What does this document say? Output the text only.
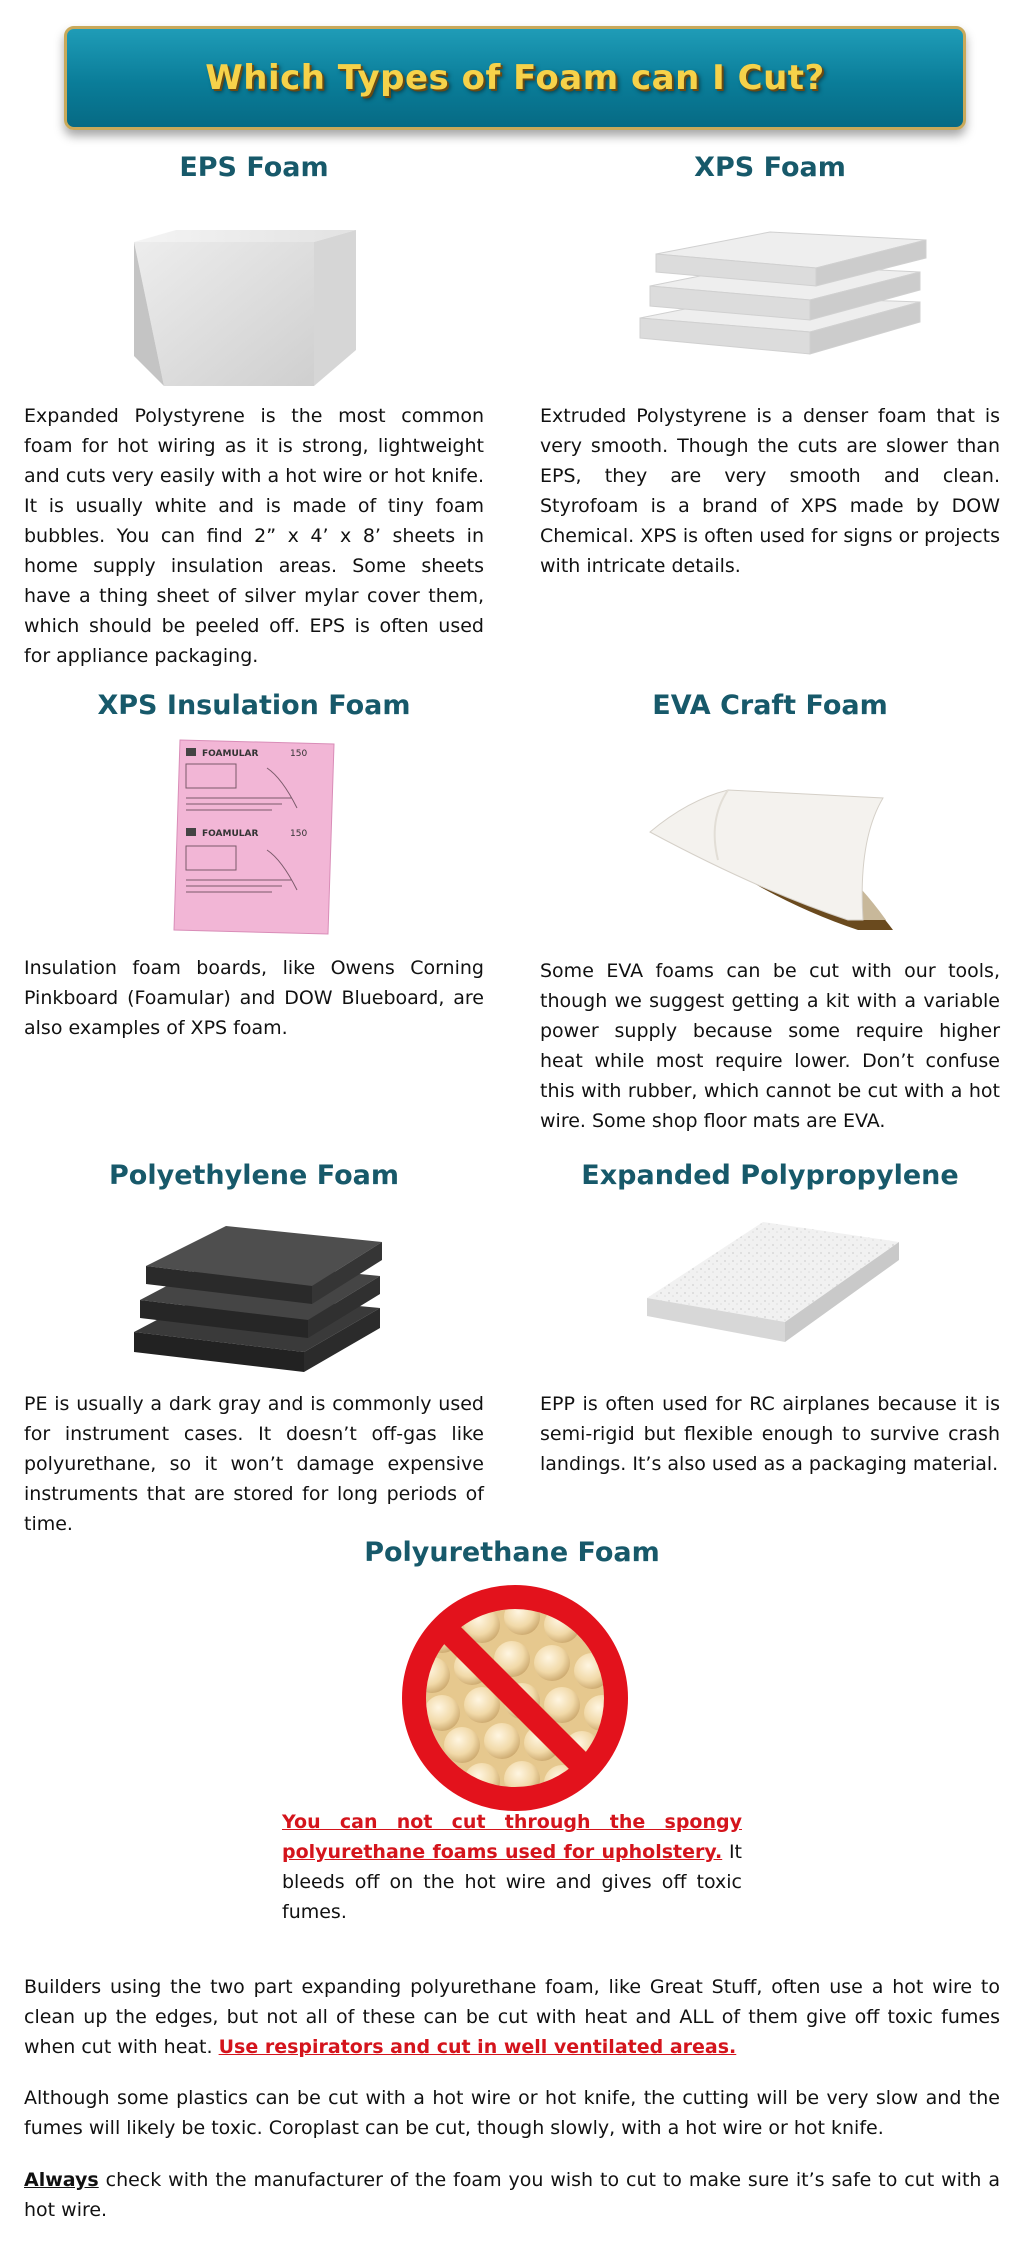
Which Types of Foam can I Cut?
EPS Foam

Expanded Polystyrene is the most common foam for hot wiring as it is strong, lightweight and cuts very easily with a hot wire or hot knife. It is usually white and is made of tiny foam bubbles. You can find 2” x 4’ x 8’ sheets in home supply insulation areas. Some sheets have a thing sheet of silver mylar cover them, which should be peeled off. EPS is often used for appliance packaging.

XPS Foam

Extruded Polystyrene is a denser foam that is very smooth. Though the cuts are slower than EPS, they are very smooth and clean. Styrofoam is a brand of XPS made by DOW Chemical. XPS is often used for signs or projects with intricate details.

XPS Insulation Foam
FOAMULAR	150
FOAMULAR	150

Insulation foam boards, like Owens Corning Pinkboard (Foamular) and DOW Blueboard, are also examples of XPS foam.

EVA Craft Foam

Some EVA foams can be cut with our tools, though we suggest getting a kit with a variable power supply because some require higher heat while most require lower. Don’t confuse this with rubber, which cannot be cut with a hot wire. Some shop floor mats are EVA.

Polyethylene Foam

PE is usually a dark gray and is commonly used for instrument cases. It doesn’t off-gas like polyurethane, so it won’t damage expensive instruments that are stored for long periods of time.

Expanded Polypropylene

EPP is often used for RC airplanes because it is semi-rigid but flexible enough to survive crash landings. It’s also used as a packaging material.

Polyurethane Foam
You can not cut through the spongy polyurethane foams used for upholstery. It bleeds off on the hot wire and gives off toxic fumes.

Builders using the two part expanding polyurethane foam, like Great Stuff, often use a hot wire to clean up the edges, but not all of these can be cut with heat and ALL of them give off toxic fumes when cut with heat. Use respirators and cut in well ventilated areas.

Although some plastics can be cut with a hot wire or hot knife, the cutting will be very slow and the fumes will likely be toxic. Coroplast can be cut, though slowly, with a hot wire or hot knife.

Always check with the manufacturer of the foam you wish to cut to make sure it’s safe to cut with a hot wire.
